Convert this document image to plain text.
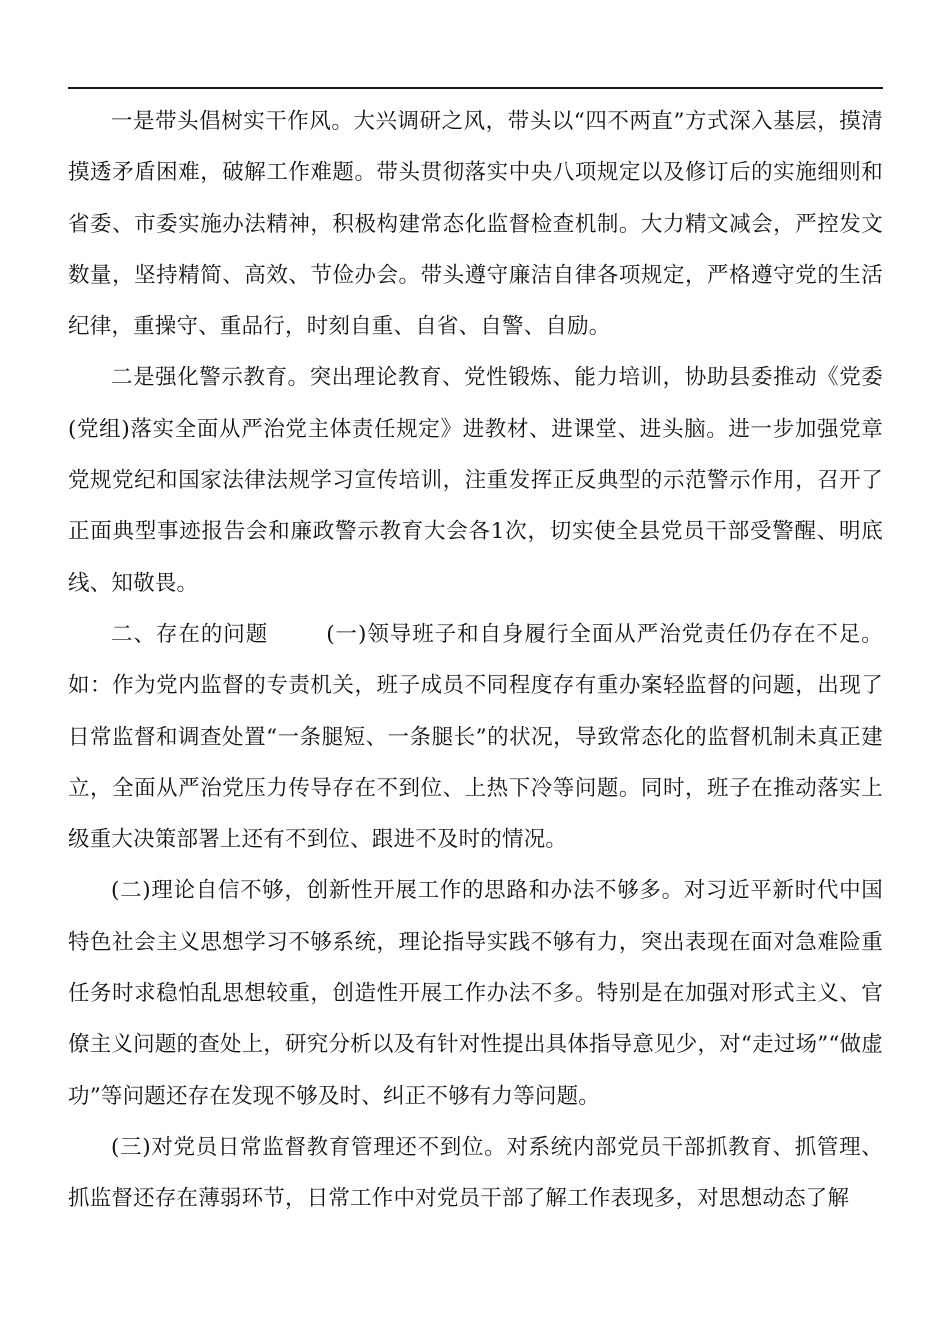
一是带头倡树实干作风。大兴调研之风，带头以“四不两直”方式深入基层，摸清摸透矛盾困难，破解工作难题。带头贯彻落实中央八项规定以及修订后的实施细则和省委、市委实施办法精神，积极构建常态化监督检查机制。大力精文减会，严控发文数量，坚持精简、高效、节俭办会。带头遵守廉洁自律各项规定，严格遵守党的生活纪律，重操守、重品行，时刻自重、自省、自警、自励。

二是强化警示教育。突出理论教育、党性锻炼、能力培训，协助县委推动《党委(党组)落实全面从严治党主体责任规定》进教材、进课堂、进头脑。进一步加强党章党规党纪和国家法律法规学习宣传培训，注重发挥正反典型的示范警示作用，召开了正面典型事迹报告会和廉政警示教育大会各1次，切实使全县党员干部受警醒、明底线、知敬畏。

二、存在的问题	(一)领导班子和自身履行全面从严治党责任仍存在不足。如：作为党内监督的专责机关，班子成员不同程度存有重办案轻监督的问题，出现了日常监督和调查处置“一条腿短、一条腿长”的状况，导致常态化的监督机制未真正建立，全面从严治党压力传导存在不到位、上热下冷等问题。同时，班子在推动落实上级重大决策部署上还有不到位、跟进不及时的情况。

(二)理论自信不够，创新性开展工作的思路和办法不够多。对习近平新时代中国特色社会主义思想学习不够系统，理论指导实践不够有力，突出表现在面对急难险重任务时求稳怕乱思想较重，创造性开展工作办法不多。特别是在加强对形式主义、官僚主义问题的查处上，研究分析以及有针对性提出具体指导意见少，对“走过场”“做虚功”等问题还存在发现不够及时、纠正不够有力等问题。

(三)对党员日常监督教育管理还不到位。对系统内部党员干部抓教育、抓管理、抓监督还存在薄弱环节，日常工作中对党员干部了解工作表现多，对思想动态了解
